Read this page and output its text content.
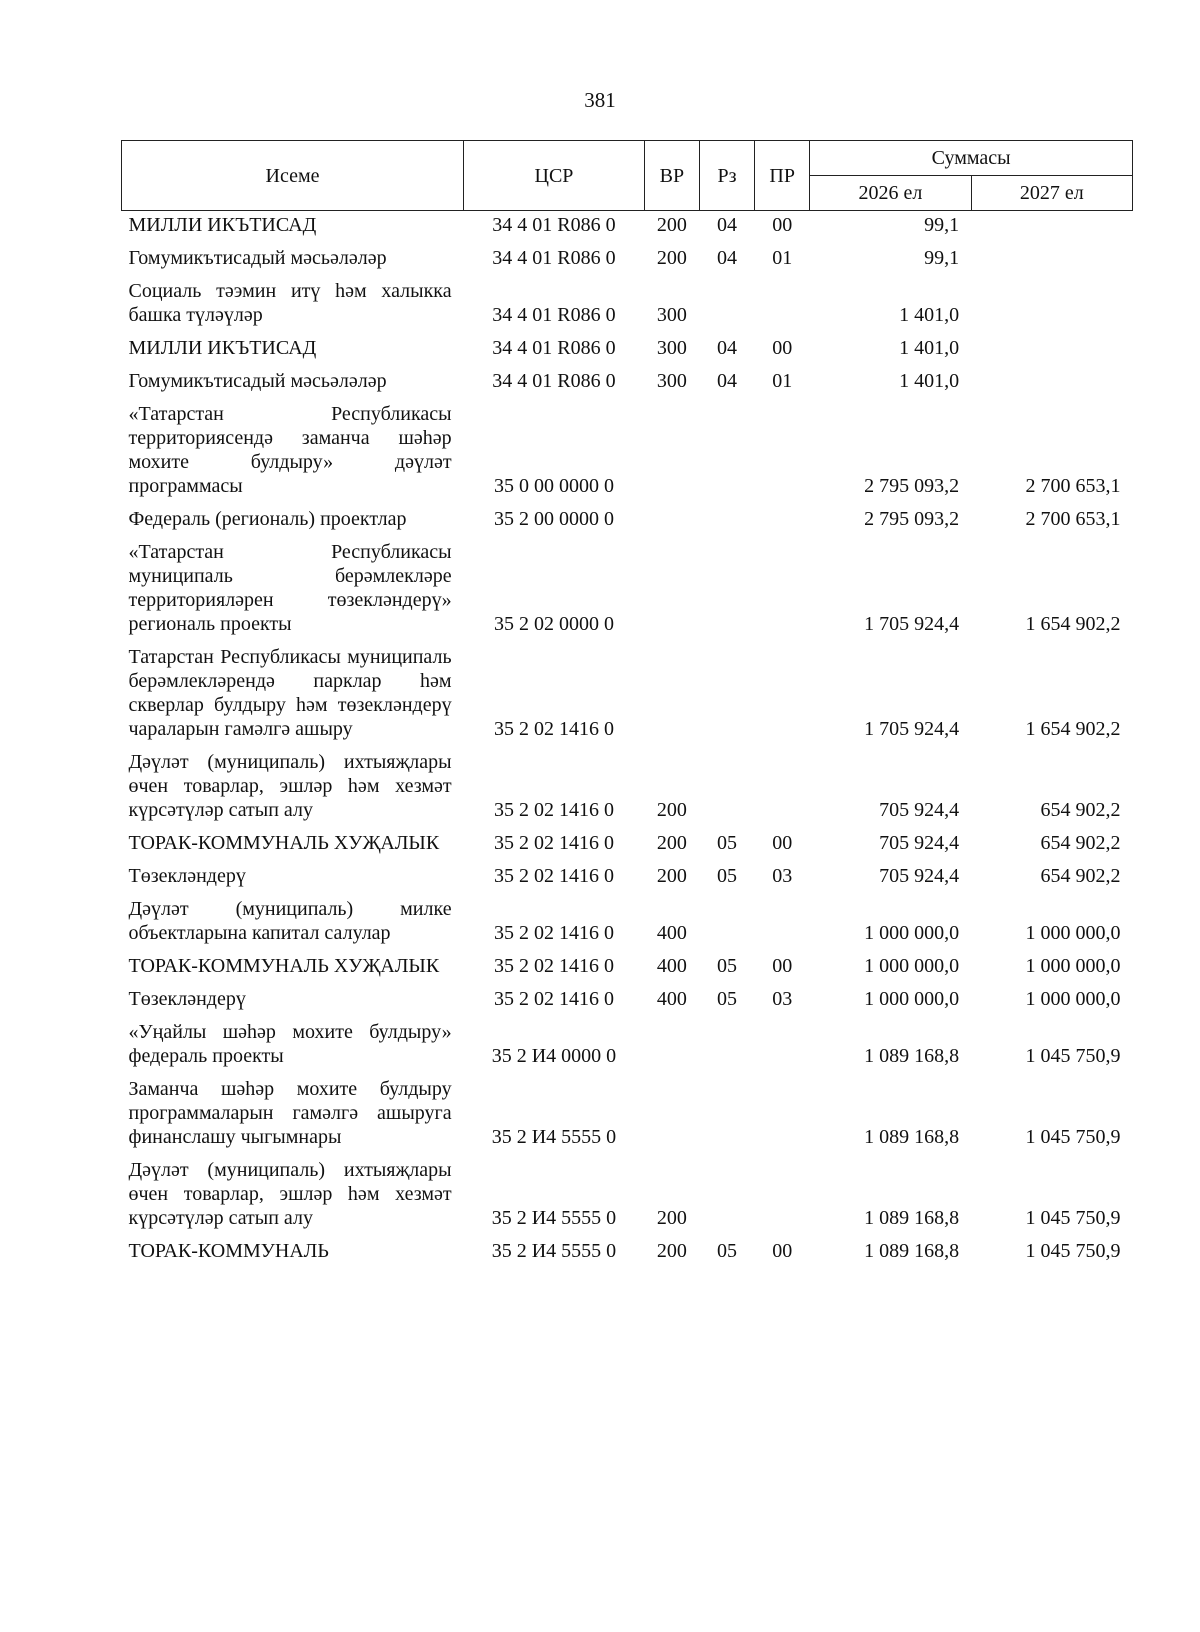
381
Исеме	ЦСР	ВР	Рз	ПР	Суммасы	
					2026 ел	2027 ел
МИЛЛИ ИКЪТИСАД	34 4 01 R086 0	200	04	00	99,1	
Гомумикътисадый мәсьәләләр	34 4 01 R086 0	200	04	01	99,1	
Социаль тәэмин итү һәм халыкка башка түләүләр	34 4 01 R086 0	300			1 401,0	
МИЛЛИ ИКЪТИСАД	34 4 01 R086 0	300	04	00	1 401,0	
Гомумикътисадый мәсьәләләр	34 4 01 R086 0	300	04	01	1 401,0	
«Татарстан Республикасы территориясендә заманча шәһәр мохите булдыру» дәүләт программасы	35 0 00 0000 0				2 795 093,2	2 700 653,1
Федераль (региональ) проектлар	35 2 00 0000 0				2 795 093,2	2 700 653,1
«Татарстан Республикасы муниципаль берәмлекләре территорияләрен төзекләндерү» региональ проекты	35 2 02 0000 0				1 705 924,4	1 654 902,2
Татарстан Республикасы муниципаль берәмлекләрендә парклар һәм скверлар булдыру һәм төзекләндерү чараларын гамәлгә ашыру	35 2 02 1416 0				1 705 924,4	1 654 902,2
Дәүләт (муниципаль) ихтыяҗлары өчен товарлар, эшләр һәм хезмәт күрсәтүләр сатып алу	35 2 02 1416 0	200			705 924,4	654 902,2
ТОРАК-КОММУНАЛЬ ХУҖАЛЫК	35 2 02 1416 0	200	05	00	705 924,4	654 902,2
Төзекләндерү	35 2 02 1416 0	200	05	03	705 924,4	654 902,2
Дәүләт (муниципаль) милке объектларына капитал салулар	35 2 02 1416 0	400			1 000 000,0	1 000 000,0
ТОРАК-КОММУНАЛЬ ХУҖАЛЫК	35 2 02 1416 0	400	05	00	1 000 000,0	1 000 000,0
Төзекләндерү	35 2 02 1416 0	400	05	03	1 000 000,0	1 000 000,0
«Уңайлы шәһәр мохите булдыру» федераль проекты	35 2 И4 0000 0				1 089 168,8	1 045 750,9
Заманча шәһәр мохите булдыру программаларын гамәлгә ашыруга финанслашу чыгымнары	35 2 И4 5555 0				1 089 168,8	1 045 750,9
Дәүләт (муниципаль) ихтыяҗлары өчен товарлар, эшләр һәм хезмәт күрсәтүләр сатып алу	35 2 И4 5555 0	200			1 089 168,8	1 045 750,9
ТОРАК-КОММУНАЛЬ	35 2 И4 5555 0	200	05	00	1 089 168,8	1 045 750,9
